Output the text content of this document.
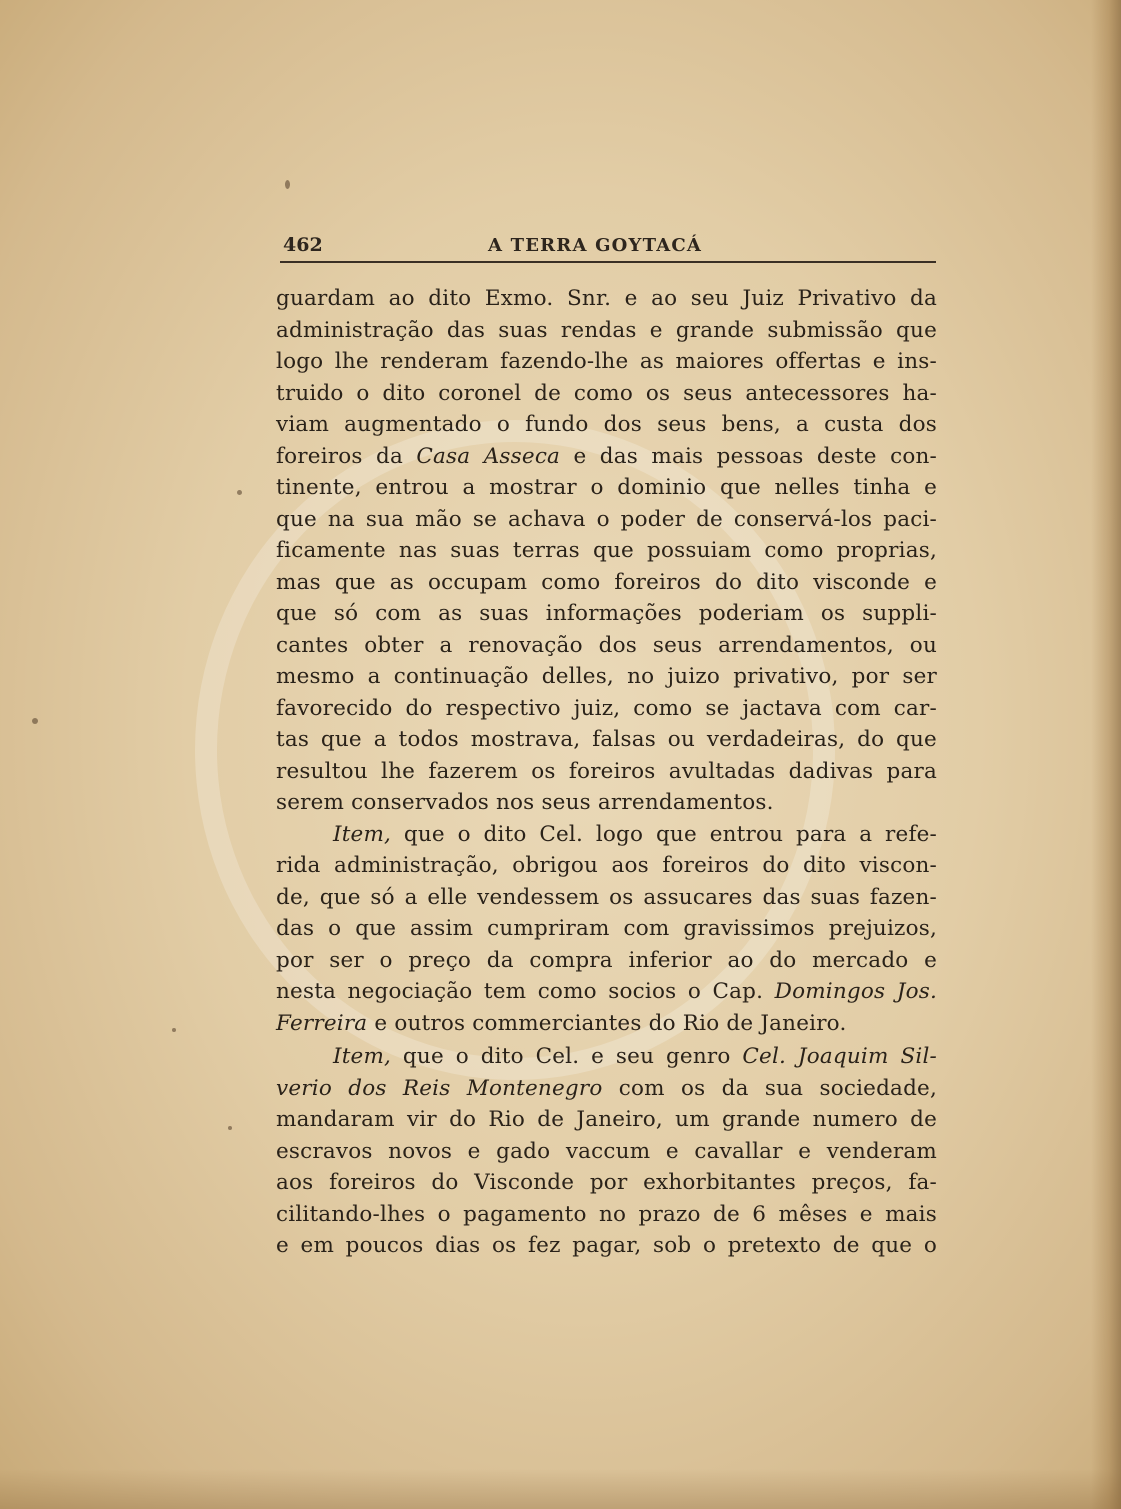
462	A TERRA GOYTACÁ
guardam ao dito Exmo. Snr. e ao seu Juiz Privativo da
administração das suas rendas e grande submissão que
logo lhe renderam fazendo-lhe as maiores offertas e ins-
truido o dito coronel de como os seus antecessores ha-
viam augmentado o fundo dos seus bens, a custa dos
foreiros da Casa Asseca e das mais pessoas deste con-
tinente, entrou a mostrar o dominio que nelles tinha e
que na sua mão se achava o poder de conservá-los paci-
ficamente nas suas terras que possuiam como proprias,
mas que as occupam como foreiros do dito visconde e
que só com as suas informações poderiam os suppli-
cantes obter a renovação dos seus arrendamentos, ou
mesmo a continuação delles, no juizo privativo, por ser
favorecido do respectivo juiz, como se jactava com car-
tas que a todos mostrava, falsas ou verdadeiras, do que
resultou lhe fazerem os foreiros avultadas dadivas para
serem conservados nos seus arrendamentos.
Item, que o dito Cel. logo que entrou para a refe-
rida administração, obrigou aos foreiros do dito viscon-
de, que só a elle vendessem os assucares das suas fazen-
das o que assim cumpriram com gravissimos prejuizos,
por ser o preço da compra inferior ao do mercado e
nesta negociação tem como socios o Cap. Domingos Jos.
Ferreira e outros commerciantes do Rio de Janeiro.
Item, que o dito Cel. e seu genro Cel. Joaquim Sil-
verio dos Reis Montenegro com os da sua sociedade,
mandaram vir do Rio de Janeiro, um grande numero de
escravos novos e gado vaccum e cavallar e venderam
aos foreiros do Visconde por exhorbitantes preços, fa-
cilitando-lhes o pagamento no prazo de 6 mêses e mais
e em poucos dias os fez pagar, sob o pretexto de que o
